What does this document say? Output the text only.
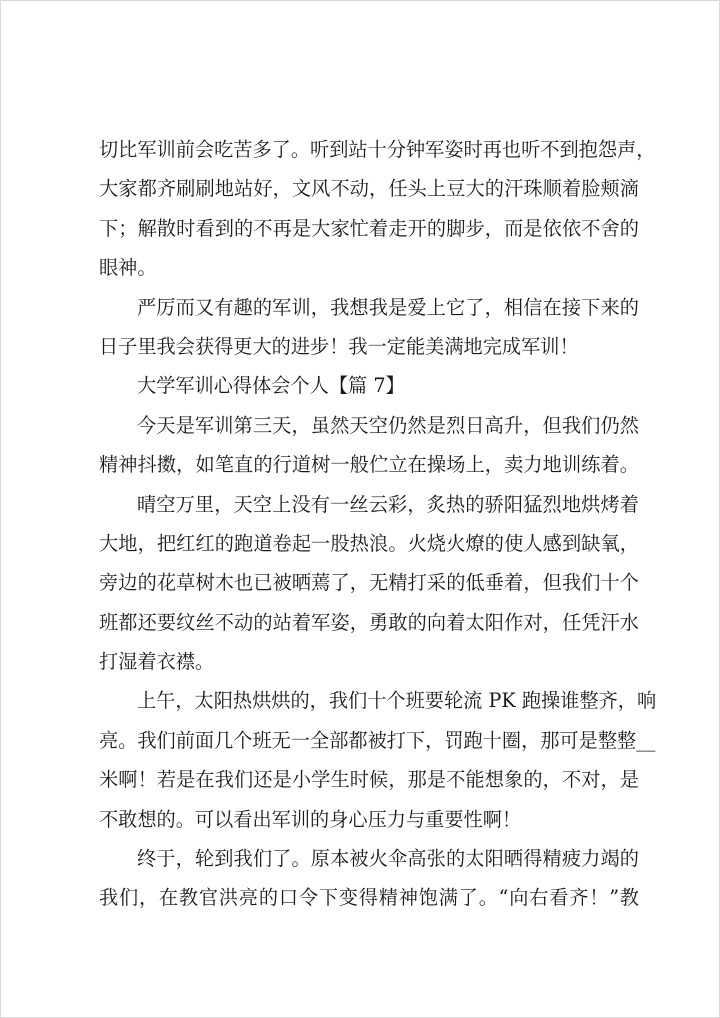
切比军训前会吃苦多了。听到站十分钟军姿时再也听不到抱怨声，
大家都齐刷刷地站好，文风不动，任头上豆大的汗珠顺着脸颊滴
下；解散时看到的不再是大家忙着走开的脚步，而是依依不舍的
眼神。
严厉而又有趣的军训，我想我是爱上它了，相信在接下来的
日子里我会获得更大的进步！我一定能美满地完成军训！
大学军训心得体会个人【篇 7】
今天是军训第三天，虽然天空仍然是烈日高升，但我们仍然
精神抖擞，如笔直的行道树一般伫立在操场上，卖力地训练着。
晴空万里，天空上没有一丝云彩，炙热的骄阳猛烈地烘烤着
大地，把红红的跑道卷起一股热浪。火烧火燎的使人感到缺氧，
旁边的花草树木也已被晒蔫了，无精打采的低垂着，但我们十个
班都还要纹丝不动的站着军姿，勇敢的向着太阳作对，任凭汗水
打湿着衣襟。
上午，太阳热烘烘的，我们十个班要轮流 PK 跑操谁整齐，响
亮。我们前面几个班无一全部都被打下，罚跑十圈，那可是整整__
米啊！若是在我们还是小学生时候，那是不能想象的，不对，是
不敢想的。可以看出军训的身心压力与重要性啊！
终于，轮到我们了。原本被火伞高张的太阳晒得精疲力竭的
我们，在教官洪亮的口令下变得精神饱满了。“向右看齐！”教
